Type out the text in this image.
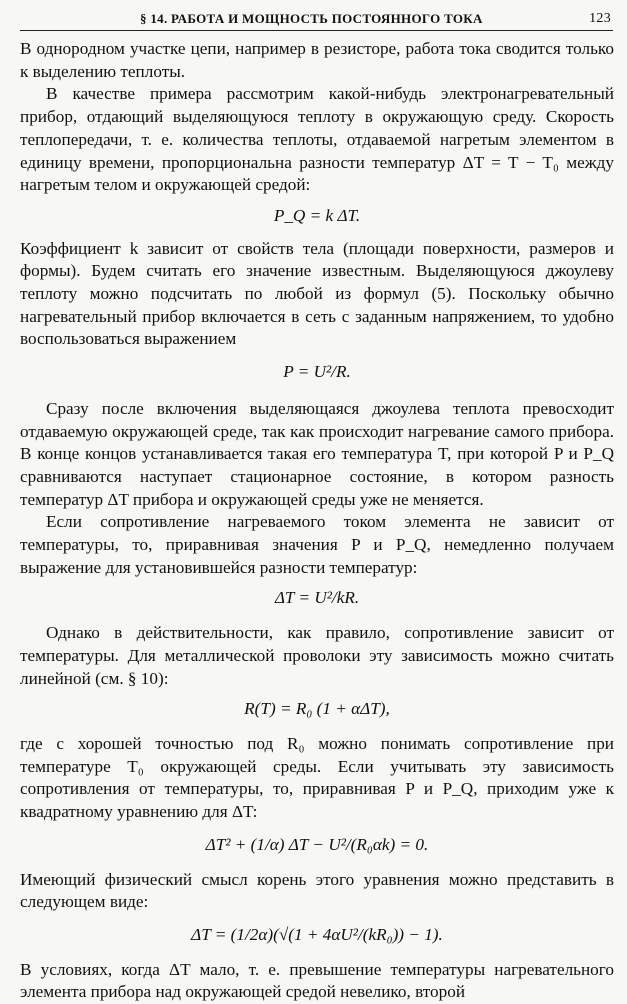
§ 14. РАБОТА И МОЩНОСТЬ ПОСТОЯННОГО ТОКА	123

В однородном участке цепи, например в резисторе, работа тока сводится только к выделению теплоты.

В качестве примера рассмотрим какой-нибудь электронагревательный прибор, отдающий выделяющуюся теплоту в окружающую среду. Скорость теплопередачи, т. е. количества теплоты, отдаваемой нагретым элементом в единицу времени, пропорциональна разности температур ΔT = T − T₀ между нагретым телом и окружающей средой:

P_Q = k ΔT.

Коэффициент k зависит от свойств тела (площади поверхности, размеров и формы). Будем считать его значение известным. Выделяющуюся джоулеву теплоту можно подсчитать по любой из формул (5). Поскольку обычно нагревательный прибор включается в сеть с заданным напряжением, то удобно воспользоваться выражением

P = U²/R.

Сразу после включения выделяющаяся джоулева теплота превосходит отдаваемую окружающей среде, так как происходит нагревание самого прибора. В конце концов устанавливается такая его температура T, при которой P и P_Q сравниваются наступает стационарное состояние, в котором разность температур ΔT прибора и окружающей среды уже не меняется.

Если сопротивление нагреваемого током элемента не зависит от температуры, то, приравнивая значения P и P_Q, немедленно получаем выражение для установившейся разности температур:

ΔT = U²/kR.

Однако в действительности, как правило, сопротивление зависит от температуры. Для металлической проволоки эту зависимость можно считать линейной (см. § 10):

R(T) = R₀ (1 + αΔT),

где с хорошей точностью под R₀ можно понимать сопротивление при температуре T₀ окружающей среды. Если учитывать эту зависимость сопротивления от температуры, то, приравнивая P и P_Q, приходим уже к квадратному уравнению для ΔT:

ΔT² + (1/α) ΔT − U²/(R₀αk) = 0.

Имеющий физический смысл корень этого уравнения можно представить в следующем виде:

ΔT = (1/2α)(√(1 + 4αU²/(kR₀)) − 1).

В условиях, когда ΔT мало, т. е. превышение температуры нагревательного элемента прибора над окружающей средой невелико, второй
